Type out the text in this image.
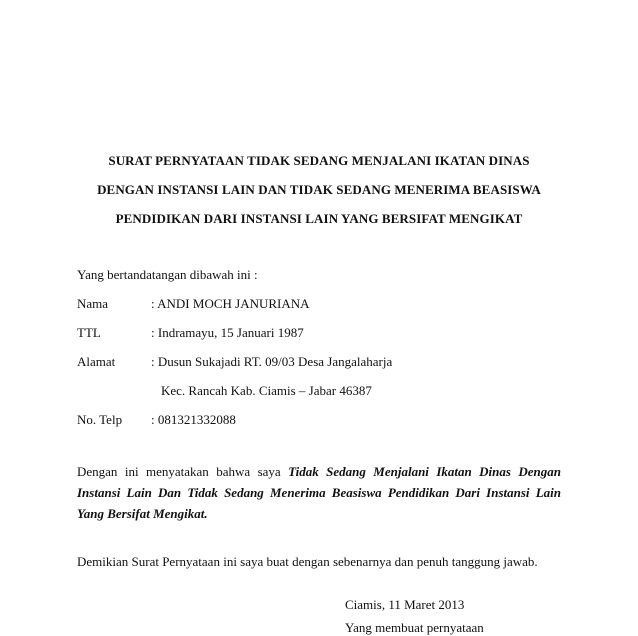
SURAT PERNYATAAN TIDAK SEDANG MENJALANI IKATAN DINAS
DENGAN INSTANSI LAIN DAN TIDAK SEDANG MENERIMA BEASISWA
PENDIDIKAN DARI INSTANSI LAIN YANG BERSIFAT MENGIKAT
Yang bertandatangan dibawah ini :
Nama	: ANDI MOCH JANURIANA
TTL	: Indramayu, 15 Januari 1987
Alamat	: Dusun Sukajadi RT. 09/03 Desa Jangalaharja
Kec. Rancah Kab. Ciamis – Jabar 46387
No. Telp : 081321332088
Dengan ini menyatakan bahwa saya Tidak Sedang Menjalani Ikatan Dinas Dengan Instansi Lain Dan Tidak Sedang Menerima Beasiswa Pendidikan Dari Instansi Lain Yang Bersifat Mengikat.
Demikian Surat Pernyataan ini saya buat dengan sebenarnya dan penuh tanggung jawab.
Ciamis, 11 Maret 2013
Yang membuat pernyataan
